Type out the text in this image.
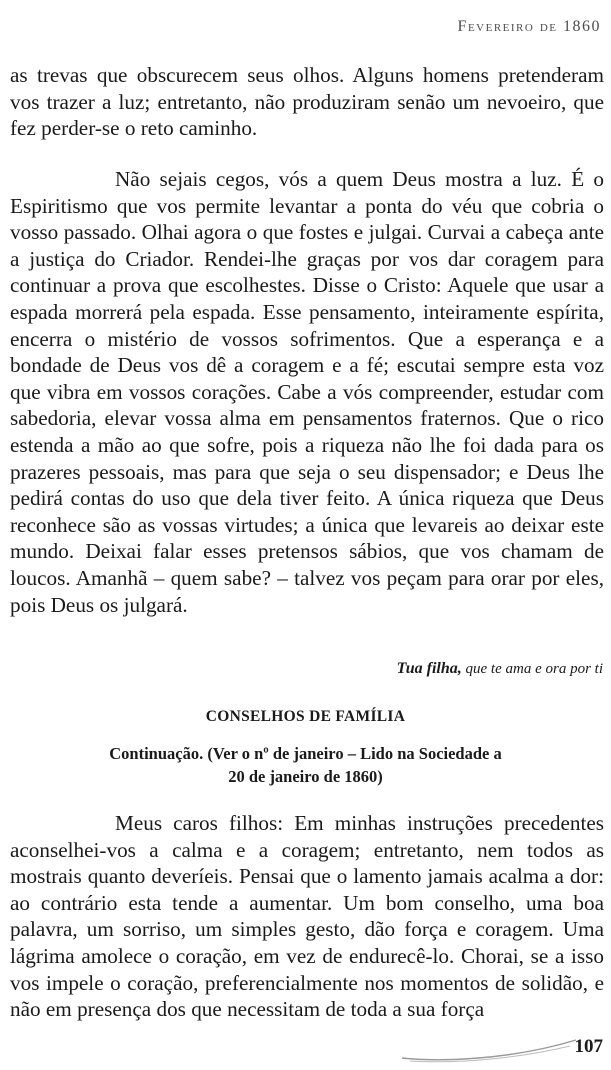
Fevereiro de 1860

as trevas que obscurecem seus olhos. Alguns homens pretenderam vos trazer a luz; entretanto, não produziram senão um nevoeiro, que fez perder-se o reto caminho.

Não sejais cegos, vós a quem Deus mostra a luz. É o Espiritismo que vos permite levantar a ponta do véu que cobria o vosso passado. Olhai agora o que fostes e julgai. Curvai a cabeça ante a justiça do Criador. Rendei-lhe graças por vos dar coragem para continuar a prova que escolhestes. Disse o Cristo: Aquele que usar a espada morrerá pela espada. Esse pensamento, inteiramente espírita, encerra o mistério de vossos sofrimentos. Que a esperança e a bondade de Deus vos dê a coragem e a fé; escutai sempre esta voz que vibra em vossos corações. Cabe a vós compreender, estudar com sabedoria, elevar vossa alma em pensamentos fraternos. Que o rico estenda a mão ao que sofre, pois a riqueza não lhe foi dada para os prazeres pessoais, mas para que seja o seu dispensador; e Deus lhe pedirá contas do uso que dela tiver feito. A única riqueza que Deus reconhece são as vossas virtudes; a única que levareis ao deixar este mundo. Deixai falar esses pretensos sábios, que vos chamam de loucos. Amanhã – quem sabe? – talvez vos peçam para orar por eles, pois Deus os julgará.

Tua filha, que te ama e ora por ti
CONSELHOS DE FAMÍLIA
Continuação. (Ver o nº de janeiro – Lido na Sociedade a
20 de janeiro de 1860)

Meus caros filhos: Em minhas instruções precedentes aconselhei-vos a calma e a coragem; entretanto, nem todos as mostrais quanto deveríeis. Pensai que o lamento jamais acalma a dor: ao contrário esta tende a aumentar. Um bom conselho, uma boa palavra, um sorriso, um simples gesto, dão força e coragem. Uma lágrima amolece o coração, em vez de endurecê-lo. Chorai, se a isso vos impele o coração, preferencialmente nos momentos de solidão, e não em presença dos que necessitam de toda a sua força

107
